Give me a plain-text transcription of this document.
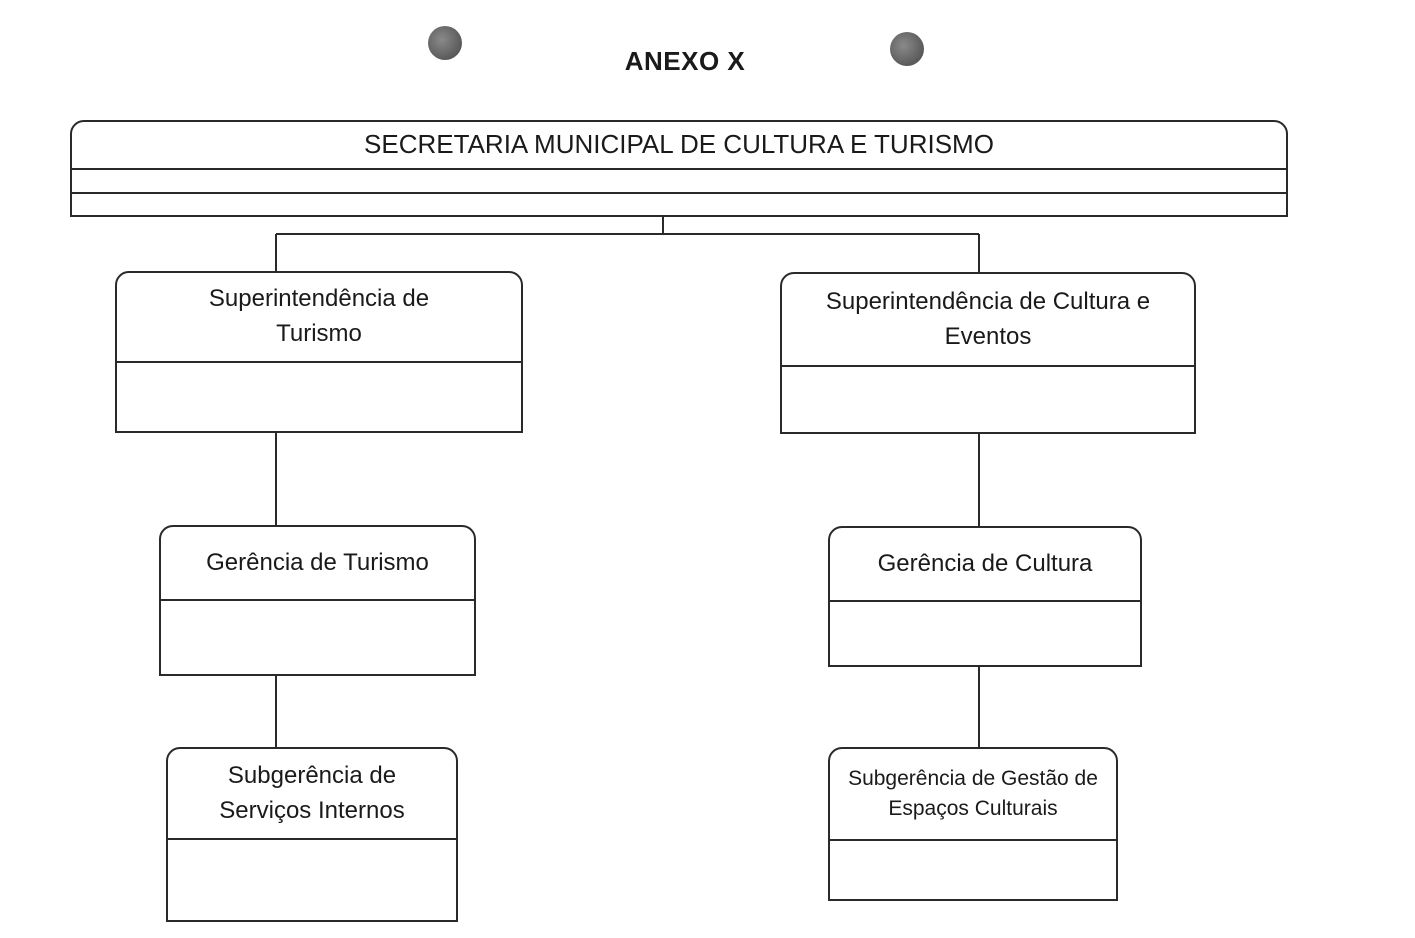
ANEXO X
SECRETARIA MUNICIPAL DE CULTURA E TURISMO
Superintendência de Turismo
Superintendência de Cultura e Eventos
Gerência de Turismo	Gerência de Cultura
Subgerência de Serviços Internos
Subgerência de Gestão de Espaços Culturais
